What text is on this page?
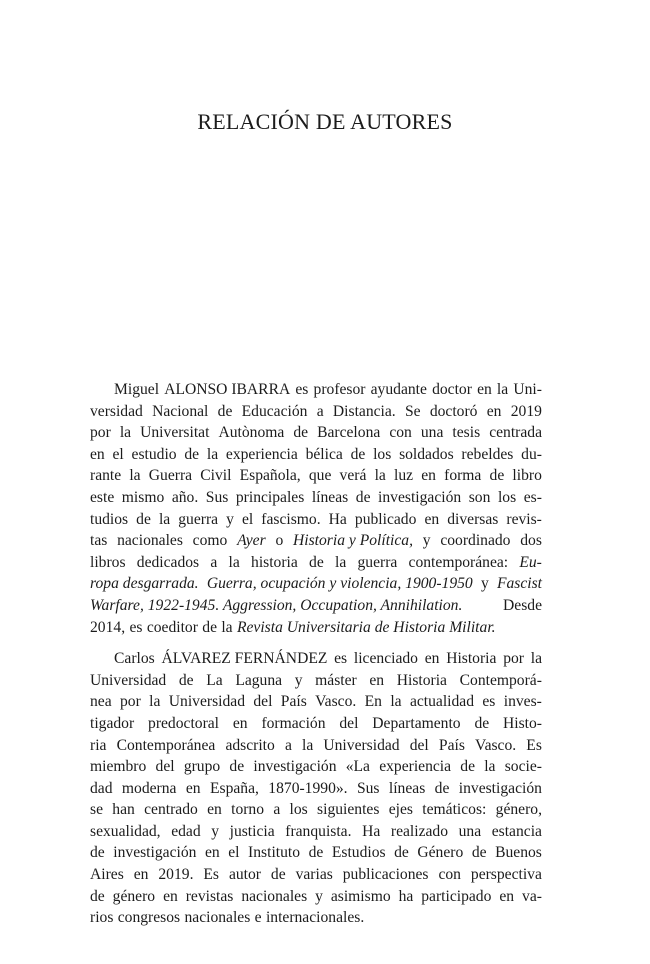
RELACIÓN DE AUTORES
Miguel ALONSO IBARRA es profesor ayudante doctor en la Uni-
versidad Nacional de Educación a Distancia. Se doctoró en 2019
por la Universitat Autònoma de Barcelona con una tesis centrada
en el estudio de la experiencia bélica de los soldados rebeldes du-
rante la Guerra Civil Española, que verá la luz en forma de libro
este mismo año. Sus principales líneas de investigación son los es-
tudios de la guerra y el fascismo. Ha publicado en diversas revis-
tas nacionales como Ayer o Historia y Política, y coordinado dos
libros dedicados a la historia de la guerra contemporánea: Eu-
ropa desgarrada. Guerra, ocupación y violencia, 1900-1950 y Fascist
Warfare, 1922-1945. Aggression, Occupation, Annihilation.	Desde
2014, es coeditor de la Revista Universitaria de Historia Militar.
Carlos ÁLVAREZ FERNÁNDEZ es licenciado en Historia por la
Universidad de La Laguna y máster en Historia Contemporá-
nea por la Universidad del País Vasco. En la actualidad es inves-
tigador predoctoral en formación del Departamento de Histo-
ria Contemporánea adscrito a la Universidad del País Vasco. Es
miembro del grupo de investigación «La experiencia de la socie-
dad moderna en España, 1870-1990». Sus líneas de investigación
se han centrado en torno a los siguientes ejes temáticos: género,
sexualidad, edad y justicia franquista. Ha realizado una estancia
de investigación en el Instituto de Estudios de Género de Buenos
Aires en 2019. Es autor de varias publicaciones con perspectiva
de género en revistas nacionales y asimismo ha participado en va-
rios congresos nacionales e internacionales.
